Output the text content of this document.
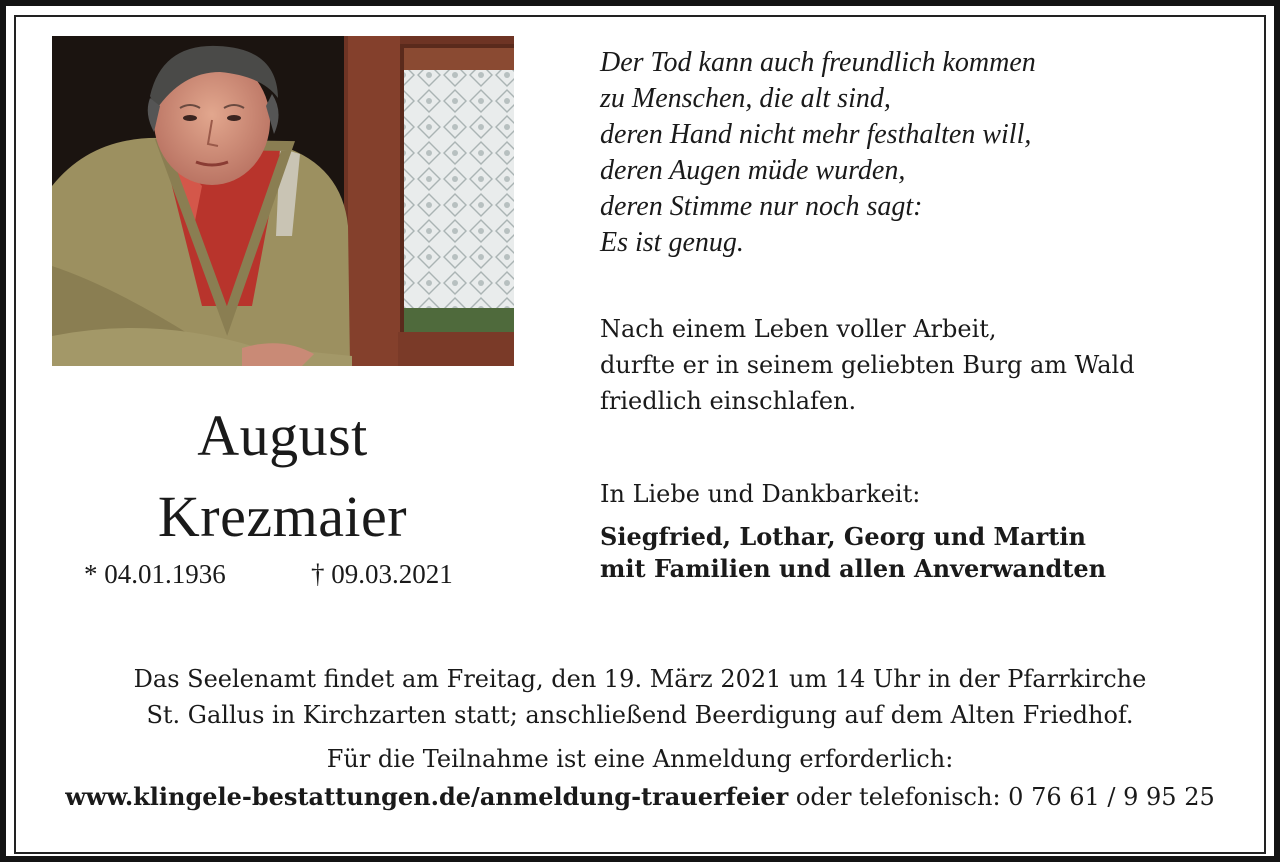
August
Krezmaier
* 04.01.1936	† 09.03.2021
Der Tod kann auch freundlich kommen
zu Menschen, die alt sind,
deren Hand nicht mehr festhalten will,
deren Augen müde wurden,
deren Stimme nur noch sagt:
Es ist genug.
Nach einem Leben voller Arbeit,
durfte er in seinem geliebten Burg am Wald
friedlich einschlafen.
In Liebe und Dankbarkeit:
Siegfried, Lothar, Georg und Martin
mit Familien und allen Anverwandten
Das Seelenamt findet am Freitag, den 19. März 2021 um 14 Uhr in der Pfarrkirche
St. Gallus in Kirchzarten statt; anschließend Beerdigung auf dem Alten Friedhof.
Für die Teilnahme ist eine Anmeldung erforderlich:
www.klingele-bestattungen.de/anmeldung-trauerfeier oder telefonisch: 0 76 61 / 9 95 25
